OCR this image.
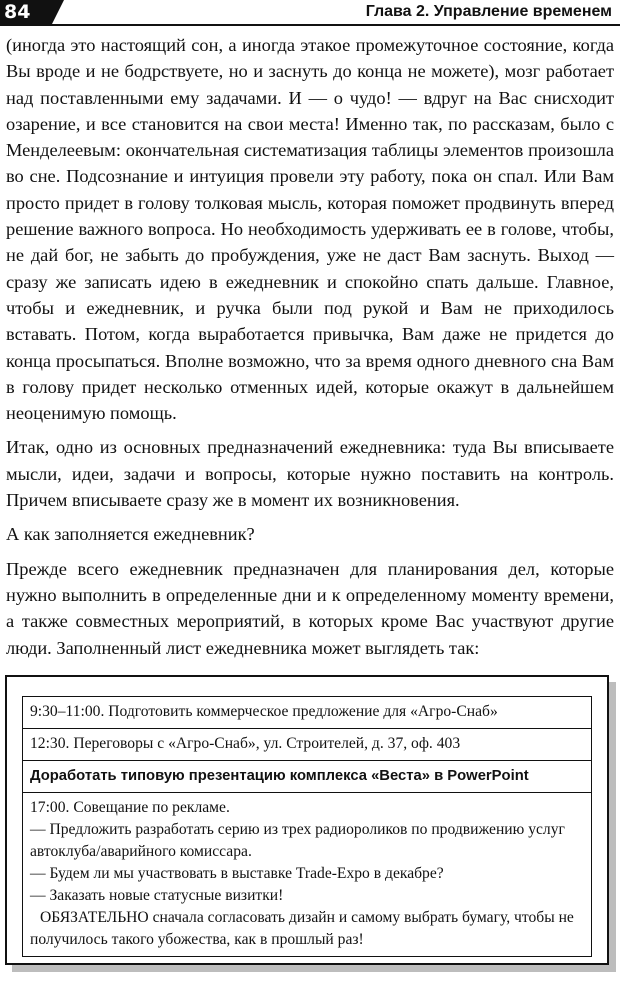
84	Глава 2. Управление временем

(иногда это настоящий сон, а иногда этакое промежуточное состояние, когда Вы вроде и не бодрствуете, но и заснуть до конца не можете), мозг работает над поставленными ему задачами. И — о чудо! — вдруг на Вас снисходит озарение, и все становится на свои места! Именно так, по рассказам, было с Менделеевым: окончательная систематизация таблицы элементов произошла во сне. Подсознание и интуиция провели эту работу, пока он спал. Или Вам просто придет в голову толковая мысль, которая поможет продвинуть вперед решение важного вопроса. Но необходимость удерживать ее в голове, чтобы, не дай бог, не забыть до пробуждения, уже не даст Вам заснуть. Выход — сразу же записать идею в ежедневник и спокойно спать дальше. Главное, чтобы и ежедневник, и ручка были под рукой и Вам не приходилось вставать. Потом, когда выработается привычка, Вам даже не придется до конца просыпаться. Вполне возможно, что за время одного дневного сна Вам в голову придет несколько отменных идей, которые окажут в дальнейшем неоценимую помощь.

Итак, одно из основных предназначений ежедневника: туда Вы вписываете мысли, идеи, задачи и вопросы, которые нужно поставить на контроль. Причем вписываете сразу же в момент их возникновения.

А как заполняется ежедневник?

Прежде всего ежедневник предназначен для планирования дел, которые нужно выполнить в определенные дни и к определенному моменту времени, а также совместных мероприятий, в которых кроме Вас участвуют другие люди. Заполненный лист ежедневника может выглядеть так:

9:30–11:00. Подготовить коммерческое предложение для «Агро-Снаб»
12:30. Переговоры с «Агро-Снаб», ул. Строителей, д. 37, оф. 403
Доработать типовую презентацию комплекса «Веста» в PowerPoint
17:00. Совещание по рекламе.
— Предложить разработать серию из трех радиороликов по продвижению услуг автоклуба/аварийного комиссара.
— Будем ли мы участвовать в выставке Trade-Expo в декабре?
— Заказать новые статусные визитки!
ОБЯЗАТЕЛЬНО сначала согласовать дизайн и самому выбрать бумагу, чтобы не получилось такого убожества, как в прошлый раз!
